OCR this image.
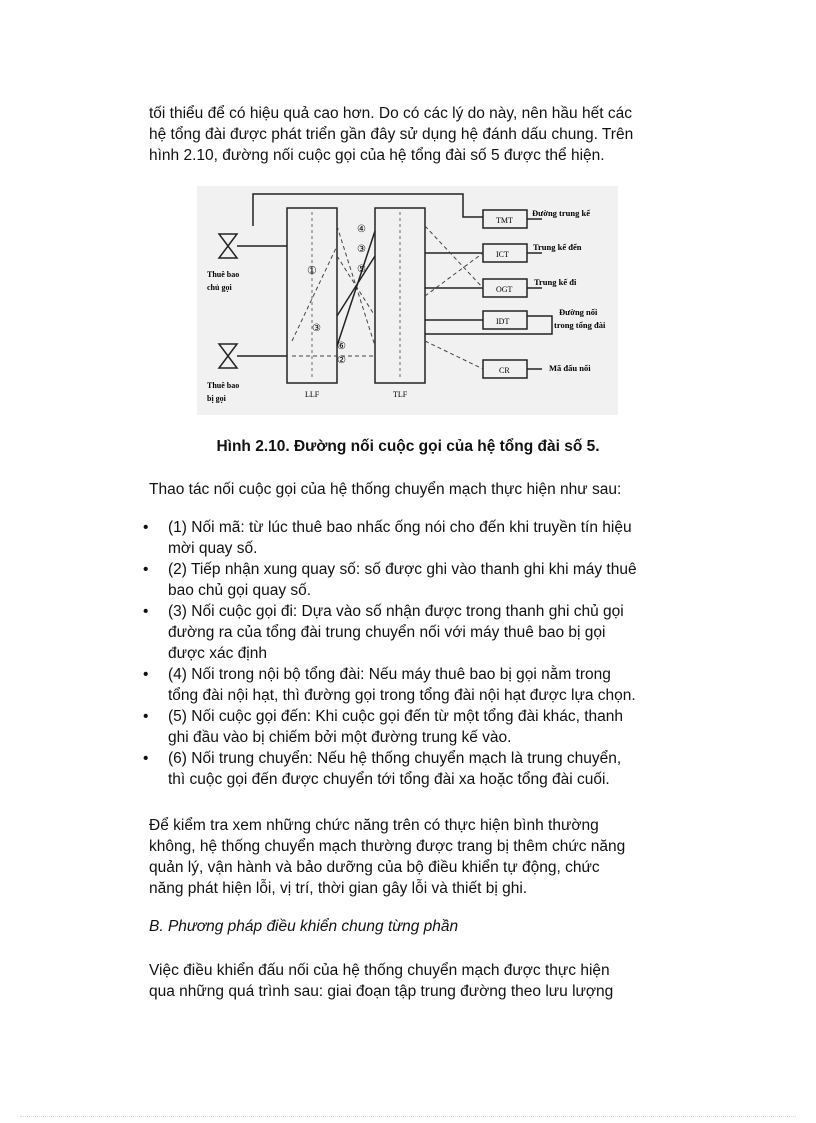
tối thiểu để có hiệu quả cao hơn. Do có các lý do này, nên hầu hết các
hệ tổng đài được phát triển gần đây sử dụng hệ đánh dấu chung. Trên
hình 2.10, đường nối cuộc gọi của hệ tổng đài số 5 được thể hiện.

①
④
③
⑤
③
⑥
②
Thuê bao
chủ gọi
Thuê bao
bị gọi	LLF	TLF
TMT
ICT
OGT
IDT
CR
Đường trung kế
Trung kế đến
Trung kế đi
Đường nối
trong tổng đài
Mã đấu nối

Hình 2.10. Đường nối cuộc gọi của hệ tổng đài số 5.

Thao tác nối cuộc gọi của hệ thống chuyển mạch thực hiện như sau:

• (1) Nối mã: từ lúc thuê bao nhấc ống nói cho đến khi truyền tín hiệu
mời quay số.
• (2) Tiếp nhận xung quay số: số được ghi vào thanh ghi khi máy thuê
bao chủ gọi quay số.
• (3) Nối cuộc gọi đi: Dựa vào số nhận được trong thanh ghi chủ gọi
đường ra của tổng đài trung chuyển nối với máy thuê bao bị gọi
được xác định
• (4) Nối trong nội bộ tổng đài: Nếu máy thuê bao bị gọi nằm trong
tổng đài nội hạt, thì đường gọi trong tổng đài nội hạt được lựa chọn.
• (5) Nối cuộc gọi đến: Khi cuộc gọi đến từ một tổng đài khác, thanh
ghi đầu vào bị chiếm bởi một đường trung kế vào.
• (6) Nối trung chuyển: Nếu hệ thống chuyển mạch là trung chuyển,
thì cuộc gọi đến được chuyển tới tổng đài xa hoặc tổng đài cuối.

Để kiểm tra xem những chức năng trên có thực hiện bình thường
không, hệ thống chuyển mạch thường được trang bị thêm chức năng
quản lý, vận hành và bảo dưỡng của bộ điều khiển tự động, chức
năng phát hiện lỗi, vị trí, thời gian gây lỗi và thiết bị ghi.

B. Phương pháp điều khiển chung từng phần

Việc điều khiển đấu nối của hệ thống chuyển mạch được thực hiện
qua những quá trình sau: giai đoạn tập trung đường theo lưu lượng
